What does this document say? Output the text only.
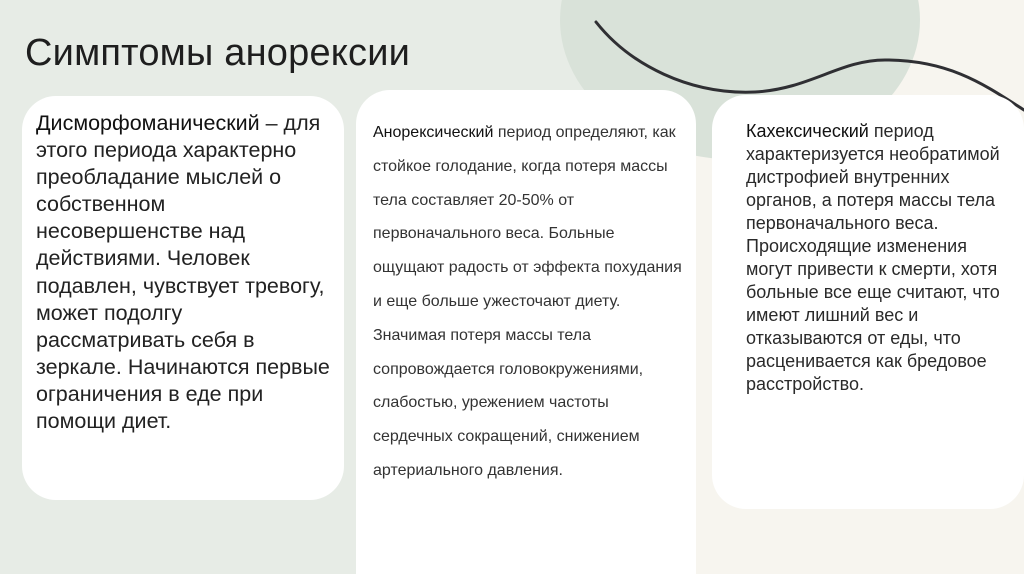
Симптомы анорексии

Дисморфоманический – для этого периода характерно преобладание мыслей о собственном несовершенстве над действиями. Человек подавлен, чувствует тревогу, может подолгу рассматривать себя в зеркале. Начинаются первые ограничения в еде при помощи диет.

Анорексический период определяют, как стойкое голодание, когда потеря массы тела составляет 20-50% от первоначального веса. Больные ощущают радость от эффекта похудания и еще больше ужесточают диету. Значимая потеря массы тела сопровождается головокружениями, слабостью, урежением частоты сердечных сокращений, снижением артериального давления.

Кахексический период характеризуется необратимой дистрофией внутренних органов, а потеря массы тела первоначального веса. Происходящие изменения могут привести к смерти, хотя больные все еще считают, что имеют лишний вес и отказываются от еды, что расценивается как бредовое расстройство.
